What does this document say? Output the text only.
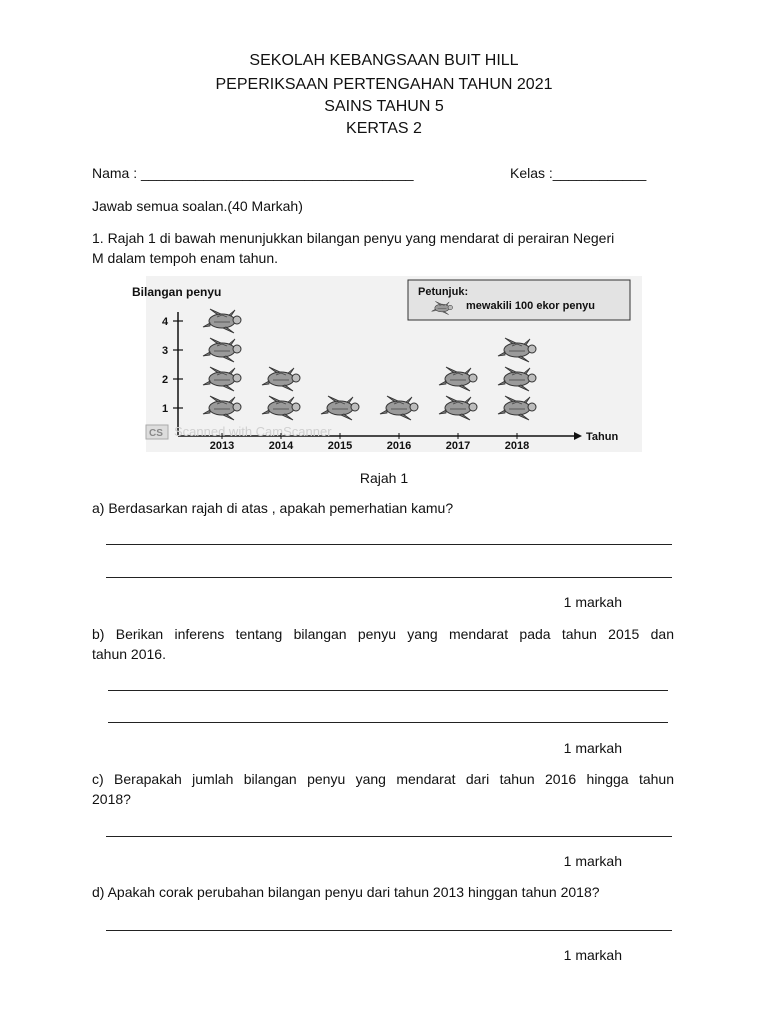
SEKOLAH KEBANGSAAN BUIT HILL
PEPERIKSAAN PERTENGAHAN TAHUN 2021
SAINS TAHUN 5
KERTAS 2
Nama : ___________________________________	Kelas :____________
Jawab semua soalan.(40 Markah)
1. Rajah 1 di bawah menunjukkan bilangan penyu yang mendarat di perairan Negeri
M dalam tempoh enam tahun.
Bilangan penyu
Tahun
Petunjuk:
mewakili 100 ekor penyu
CS Scanned with CamScanner
1
2
3
4
2013	2014	2015	2016	2017	2018
Rajah 1
a) Berdasarkan rajah di atas , apakah pemerhatian kamu?
1 markah
b) Berikan inferens tentang bilangan penyu yang mendarat pada tahun 2015 dan
tahun 2016.
1 markah
c) Berapakah jumlah bilangan penyu yang mendarat dari tahun 2016 hingga tahun
2018?
1 markah
d) Apakah corak perubahan bilangan penyu dari tahun 2013 hinggan tahun 2018?
1 markah
